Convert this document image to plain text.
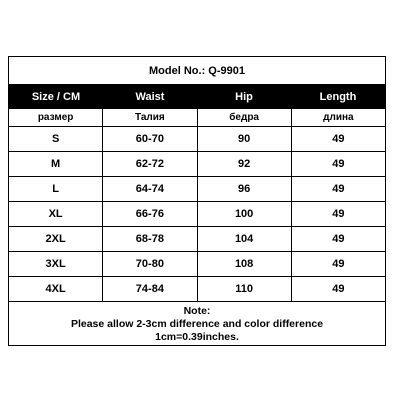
Model No.: Q-9901
Size / CM	Waist	Hip	Length
размер	Талия	бедра	длина
S	60-70	90	49
M	62-72	92	49
L	64-74	96	49
XL	66-76	100	49
2XL	68-78	104	49
3XL	70-80	108	49
4XL	74-84	110	49
Note:
Please allow 2-3cm difference and color difference
1cm=0.39inches.
